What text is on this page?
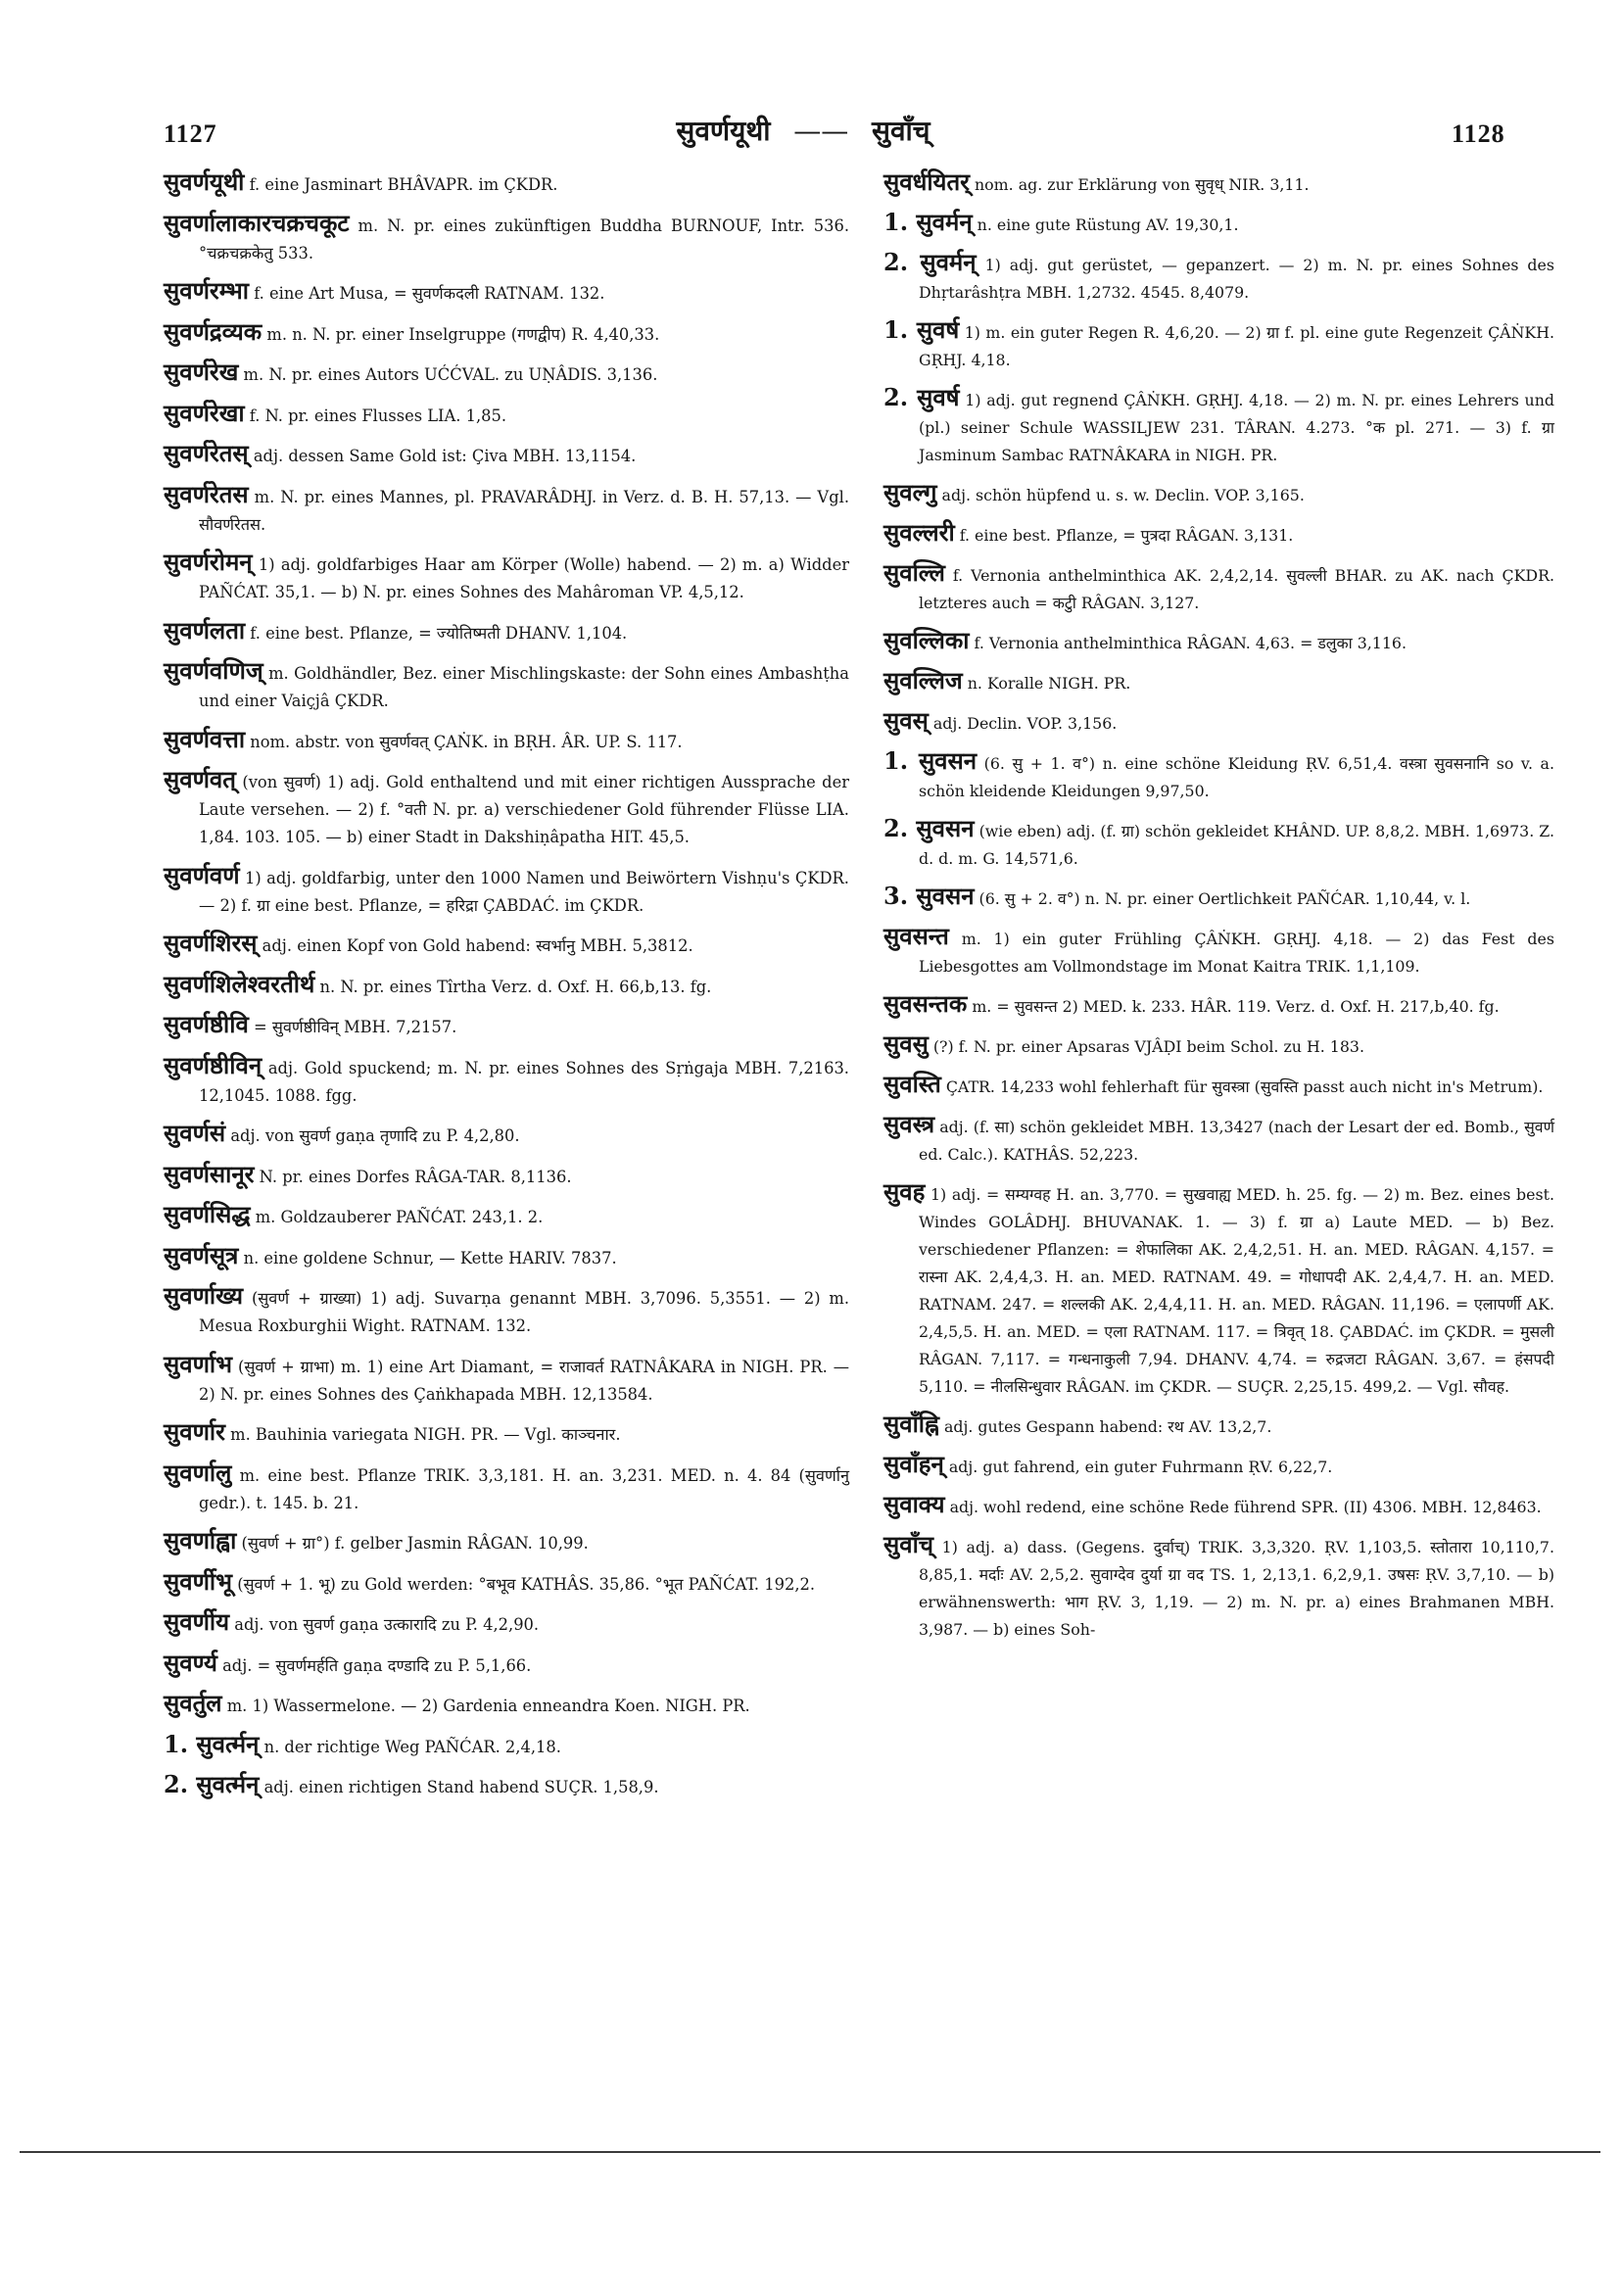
1127	सुवर्णयूथी —— सुवाँच्	1128

सुवर्णयूथी f. eine Jasminart BHÂVAPR. im ÇKDR.

सुवर्णालाकारचक्रचकूट m. N. pr. eines zukünftigen Buddha BURNOUF, Intr. 536. °चक्रचक्रकेतु 533.

सुवर्णरम्भा f. eine Art Musa, = सुवर्णकदली RATNAM. 132.

सुवर्णद्रव्यक m. n. N. pr. einer Inselgruppe (गणद्वीप) R. 4,40,33.

सुवर्णरेख m. N. pr. eines Autors UĆĆVAL. zu UṆÂDIS. 3,136.

सुवर्णरेखा f. N. pr. eines Flusses LIA. 1,85.

सुवर्णरेतस् adj. dessen Same Gold ist: Çiva MBH. 13,1154.

सुवर्णरेतस m. N. pr. eines Mannes, pl. PRAVARÂDHJ. in Verz. d. B. H. 57,13. — Vgl. सौवर्णरेतस.

सुवर्णरोमन् 1) adj. goldfarbiges Haar am Körper (Wolle) habend. — 2) m. a) Widder PAÑĆAT. 35,1. — b) N. pr. eines Sohnes des Mahâroman VP. 4,5,12.

सुवर्णलता f. eine best. Pflanze, = ज्योतिष्मती DHANV. 1,104.

सुवर्णवणिज् m. Goldhändler, Bez. einer Mischlingskaste: der Sohn eines Ambashṭha und einer Vaiçjâ ÇKDR.

सुवर्णवत्ता nom. abstr. von सुवर्णवत् ÇAṄK. in BṚH. ÂR. UP. S. 117.

सुवर्णवत् (von सुवर्ण) 1) adj. Gold enthaltend und mit einer richtigen Aussprache der Laute versehen. — 2) f. °वती N. pr. a) verschiedener Gold führender Flüsse LIA. 1,84. 103. 105. — b) einer Stadt in Dakshiṇâpatha HIT. 45,5.

सुवर्णवर्ण 1) adj. goldfarbig, unter den 1000 Namen und Beiwörtern Vishṇu's ÇKDR. — 2) f. ग्रा eine best. Pflanze, = हरिद्रा ÇABDAĆ. im ÇKDR.

सुवर्णशिरस् adj. einen Kopf von Gold habend: स्वर्भानु MBH. 5,3812.

सुवर्णशिलेश्वरतीर्थ n. N. pr. eines Tîrtha Verz. d. Oxf. H. 66,b,13. fg.

सुवर्णष्ठीवि = सुवर्णष्ठीविन् MBH. 7,2157.

सुवर्णष्ठीविन् adj. Gold spuckend; m. N. pr. eines Sohnes des Sṛṅgaja MBH. 7,2163. 12,1045. 1088. fgg.

सुवर्णसं adj. von सुवर्ण gaṇa तृणादि zu P. 4,2,80.

सुवर्णसानूर N. pr. eines Dorfes RÂGA-TAR. 8,1136.

सुवर्णसिद्ध m. Goldzauberer PAÑĆAT. 243,1. 2.

सुवर्णसूत्र n. eine goldene Schnur, — Kette HARIV. 7837.

सुवर्णाख्य (सुवर्ण + ग्राख्या) 1) adj. Suvarṇa genannt MBH. 3,7096. 5,3551. — 2) m. Mesua Roxburghii Wight. RATNAM. 132.

सुवर्णाभ (सुवर्ण + ग्राभा) m. 1) eine Art Diamant, = राजावर्त RATNÂKARA in NIGH. PR. — 2) N. pr. eines Sohnes des Çaṅkhapada MBH. 12,13584.

सुवर्णार m. Bauhinia variegata NIGH. PR. — Vgl. काञ्चनार.

सुवर्णालु m. eine best. Pflanze TRIK. 3,3,181. H. an. 3,231. MED. n. 4. 84 (सुवर्णानु gedr.). t. 145. b. 21.

सुवर्णाह्वा (सुवर्ण + ग्रा°) f. gelber Jasmin RÂGAN. 10,99.

सुवर्णीभू (सुवर्ण + 1. भू) zu Gold werden: °बभूव KATHÂS. 35,86. °भूत PAÑĆAT. 192,2.

सुवर्णीय adj. von सुवर्ण gaṇa उत्कारादि zu P. 4,2,90.

सुवर्ण्य adj. = सुवर्णमर्हति gaṇa दण्डादि zu P. 5,1,66.

सुवर्तुल m. 1) Wassermelone. — 2) Gardenia enneandra Koen. NIGH. PR.

1. सुवर्त्मन् n. der richtige Weg PAÑĆAR. 2,4,18.

2. सुवर्त्मन् adj. einen richtigen Stand habend SUÇR. 1,58,9.

सुवर्धयितर् nom. ag. zur Erklärung von सुवृध् NIR. 3,11.

1. सुवर्मन् n. eine gute Rüstung AV. 19,30,1.

2. सुवर्मन् 1) adj. gut gerüstet, — gepanzert. — 2) m. N. pr. eines Sohnes des Dhṛtarâshṭra MBH. 1,2732. 4545. 8,4079.

1. सुवर्ष 1) m. ein guter Regen R. 4,6,20. — 2) ग्रा f. pl. eine gute Regenzeit ÇÂṄKH. GṚHJ. 4,18.

2. सुवर्ष 1) adj. gut regnend ÇÂṄKH. GṚHJ. 4,18. — 2) m. N. pr. eines Lehrers und (pl.) seiner Schule WASSILJEW 231. TÂRAN. 4.273. °क pl. 271. — 3) f. ग्रा Jasminum Sambac RATNÂKARA in NIGH. PR.

सुवल्गु adj. schön hüpfend u. s. w. Declin. VOP. 3,165.

सुवल्लरी f. eine best. Pflanze, = पुत्रदा RÂGAN. 3,131.

सुवल्लि f. Vernonia anthelminthica AK. 2,4,2,14. सुवल्ली BHAR. zu AK. nach ÇKDR. letzteres auch = कटुी RÂGAN. 3,127.

सुवल्लिका f. Vernonia anthelminthica RÂGAN. 4,63. = डलुका 3,116.

सुवल्लिज n. Koralle NIGH. PR.

सुवस् adj. Declin. VOP. 3,156.

1. सुवसन (6. सु + 1. व°) n. eine schöne Kleidung ṚV. 6,51,4. वस्त्रा सुवसनानि so v. a. schön kleidende Kleidungen 9,97,50.

2. सुवसन (wie eben) adj. (f. ग्रा) schön gekleidet KHÂND. UP. 8,8,2. MBH. 1,6973. Z. d. d. m. G. 14,571,6.

3. सुवसन (6. सु + 2. व°) n. N. pr. einer Oertlichkeit PAÑĆAR. 1,10,44, v. l.

सुवसन्त m. 1) ein guter Frühling ÇÂṄKH. GṚHJ. 4,18. — 2) das Fest des Liebesgottes am Vollmondstage im Monat Kaitra TRIK. 1,1,109.

सुवसन्तक m. = सुवसन्त 2) MED. k. 233. HÂR. 119. Verz. d. Oxf. H. 217,b,40. fg.

सुवसु (?) f. N. pr. einer Apsaras VJÂḌI beim Schol. zu H. 183.

सुवस्ति ÇATR. 14,233 wohl fehlerhaft für सुवस्त्रा (सुवस्ति passt auch nicht in's Metrum).

सुवस्त्र adj. (f. सा) schön gekleidet MBH. 13,3427 (nach der Lesart der ed. Bomb., सुवर्ण ed. Calc.). KATHÂS. 52,223.

सुवह 1) adj. = सम्यग्वह H. an. 3,770. = सुखवाह्य MED. h. 25. fg. — 2) m. Bez. eines best. Windes GOLÂDHJ. BHUVANAK. 1. — 3) f. ग्रा a) Laute MED. — b) Bez. verschiedener Pflanzen: = शेफालिका AK. 2,4,2,51. H. an. MED. RÂGAN. 4,157. = रास्ना AK. 2,4,4,3. H. an. MED. RATNAM. 49. = गोधापदी AK. 2,4,4,7. H. an. MED. RATNAM. 247. = शल्लकी AK. 2,4,4,11. H. an. MED. RÂGAN. 11,196. = एलापर्णी AK. 2,4,5,5. H. an. MED. = एला RATNAM. 117. = त्रिवृत् 18. ÇABDAĆ. im ÇKDR. = मुसली RÂGAN. 7,117. = गन्धनाकुली 7,94. DHANV. 4,74. = रुद्रजटा RÂGAN. 3,67. = हंसपदी 5,110. = नीलसिन्धुवार RÂGAN. im ÇKDR. — SUÇR. 2,25,15. 499,2. — Vgl. सौवह.

सुवाँह्नि adj. gutes Gespann habend: रथ AV. 13,2,7.

सुवाँहन् adj. gut fahrend, ein guter Fuhrmann ṚV. 6,22,7.

सुवाक्य adj. wohl redend, eine schöne Rede führend SPR. (II) 4306. MBH. 12,8463.

सुवाँच् 1) adj. a) dass. (Gegens. दुर्वाच्) TRIK. 3,3,320. ṚV. 1,103,5. स्तोतारा 10,110,7. 8,85,1. मर्दाः AV. 2,5,2. सुवाग्देव दुर्या ग्रा वद TS. 1, 2,13,1. 6,2,9,1. उषसः ṚV. 3,7,10. — b) erwähnenswerth: भाग ṚV. 3, 1,19. — 2) m. N. pr. a) eines Brahmanen MBH. 3,987. — b) eines Soh-
